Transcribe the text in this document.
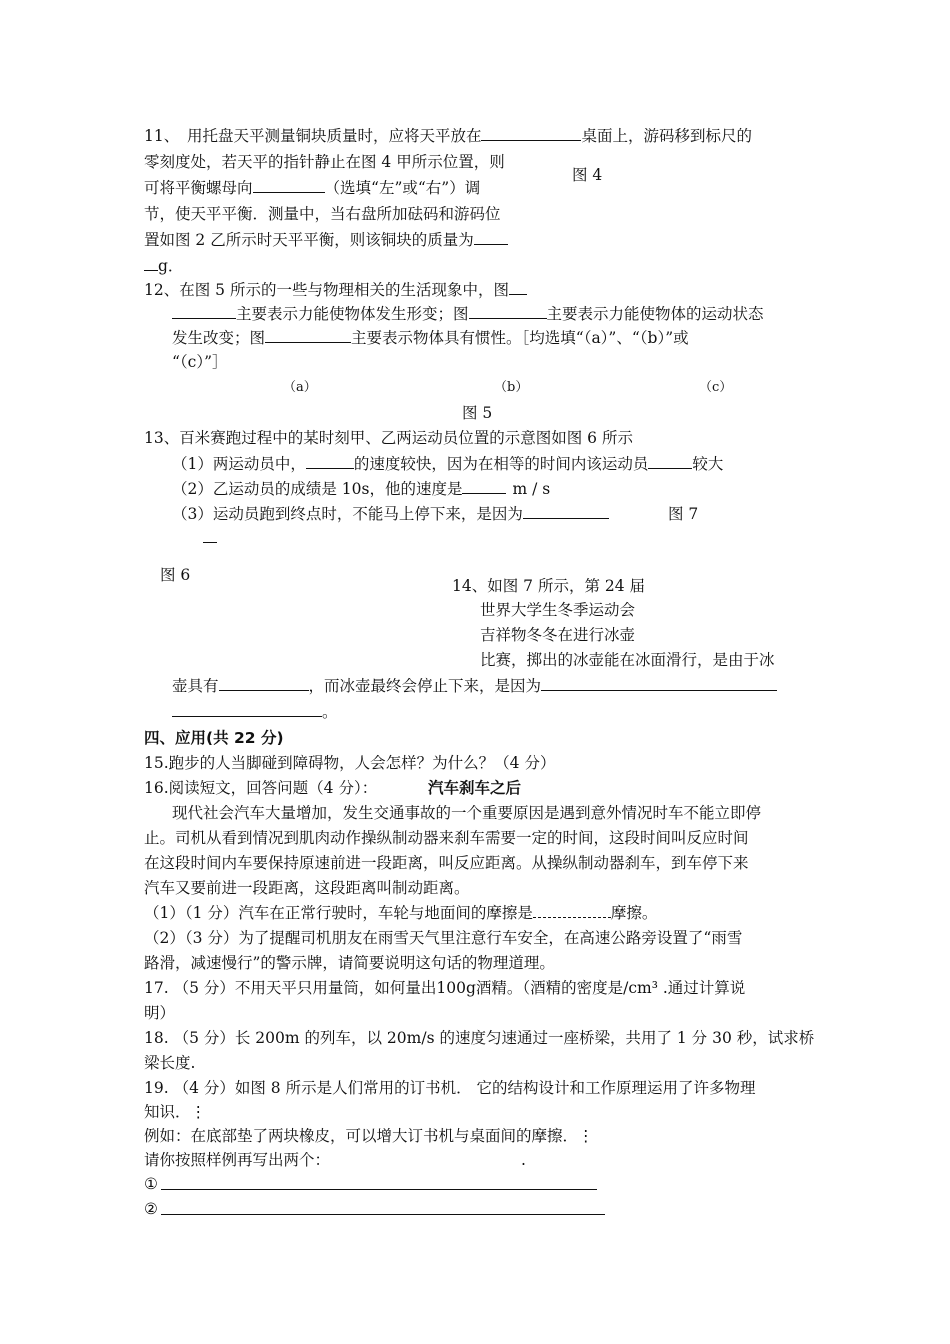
11、　用托盘天平测量铜块质量时，应将天平放在	桌面上，游码移到标尺的
零刻度处，若天平的指针静止在图 4 甲所示位置，则
图 4
可将平衡螺母向	（选填“左”或“右”）调
节，使天平平衡．测量中，当右盘所加砝码和游码位
置如图 2 乙所示时天平平衡，则该铜块的质量为
g．
12、在图 5 所示的一些与物理相关的生活现象中，图
主要表示力能使物体发生形变；图	主要表示力能使物体的运动状态
发生改变；图	主要表示物体具有惯性。［均选填“（a）”、“（b）”或
“（c）”］
（a）	（b）	（c）
图 5
13、百米赛跑过程中的某时刻甲、乙两运动员位置的示意图如图 6 所示
（1）两运动员中，	的速度较快，因为在相等的时间内该运动员	较大
（2）乙运动员的成绩是 10s，他的速度是	m / s
（3）运动员跑到终点时，不能马上停下来，是因为	图 7
图 6
14、如图 7 所示，第 24 届
世界大学生冬季运动会
吉祥物冬冬在进行冰壶
比赛，掷出的冰壶能在冰面滑行，是由于冰
壶具有	，而冰壶最终会停止下来，是因为
。
四、应用(共 22 分)
15.跑步的人当脚碰到障碍物，人会怎样？为什么？（4 分）
16.阅读短文，回答问题（4 分）：	汽车刹车之后
现代社会汽车大量增加，发生交通事故的一个重要原因是遇到意外情况时车不能立即停
止。司机从看到情况到肌肉动作操纵制动器来刹车需要一定的时间，这段时间叫反应时间
在这段时间内车要保持原速前进一段距离，叫反应距离。从操纵制动器刹车，到车停下来
汽车又要前进一段距离，这段距离叫制动距离。
（1）（1 分）汽车在正常行驶时，车轮与地面间的摩擦是	摩擦。
（2）（3 分）为了提醒司机朋友在雨雪天气里注意行车安全，在高速公路旁设置了“雨雪
路滑，减速慢行”的警示牌，请简要说明这句话的物理道理。
17. （5 分）不用天平只用量筒，如何量出100g酒精。（酒精的密度是/cm³ .通过计算说
明）
18. （5 分）长 200m 的列车，以 20m/s 的速度匀速通过一座桥梁，共用了 1 分 30 秒，试求桥
梁长度.
19. （4 分）如图 8 所示是人们常用的订书机． 它的结构设计和工作原理运用了许多物理
知识．⋮
例如：在底部垫了两块橡皮，可以增大订书机与桌面间的摩擦．⋮
请你按照样例再写出两个：	.
①
②
